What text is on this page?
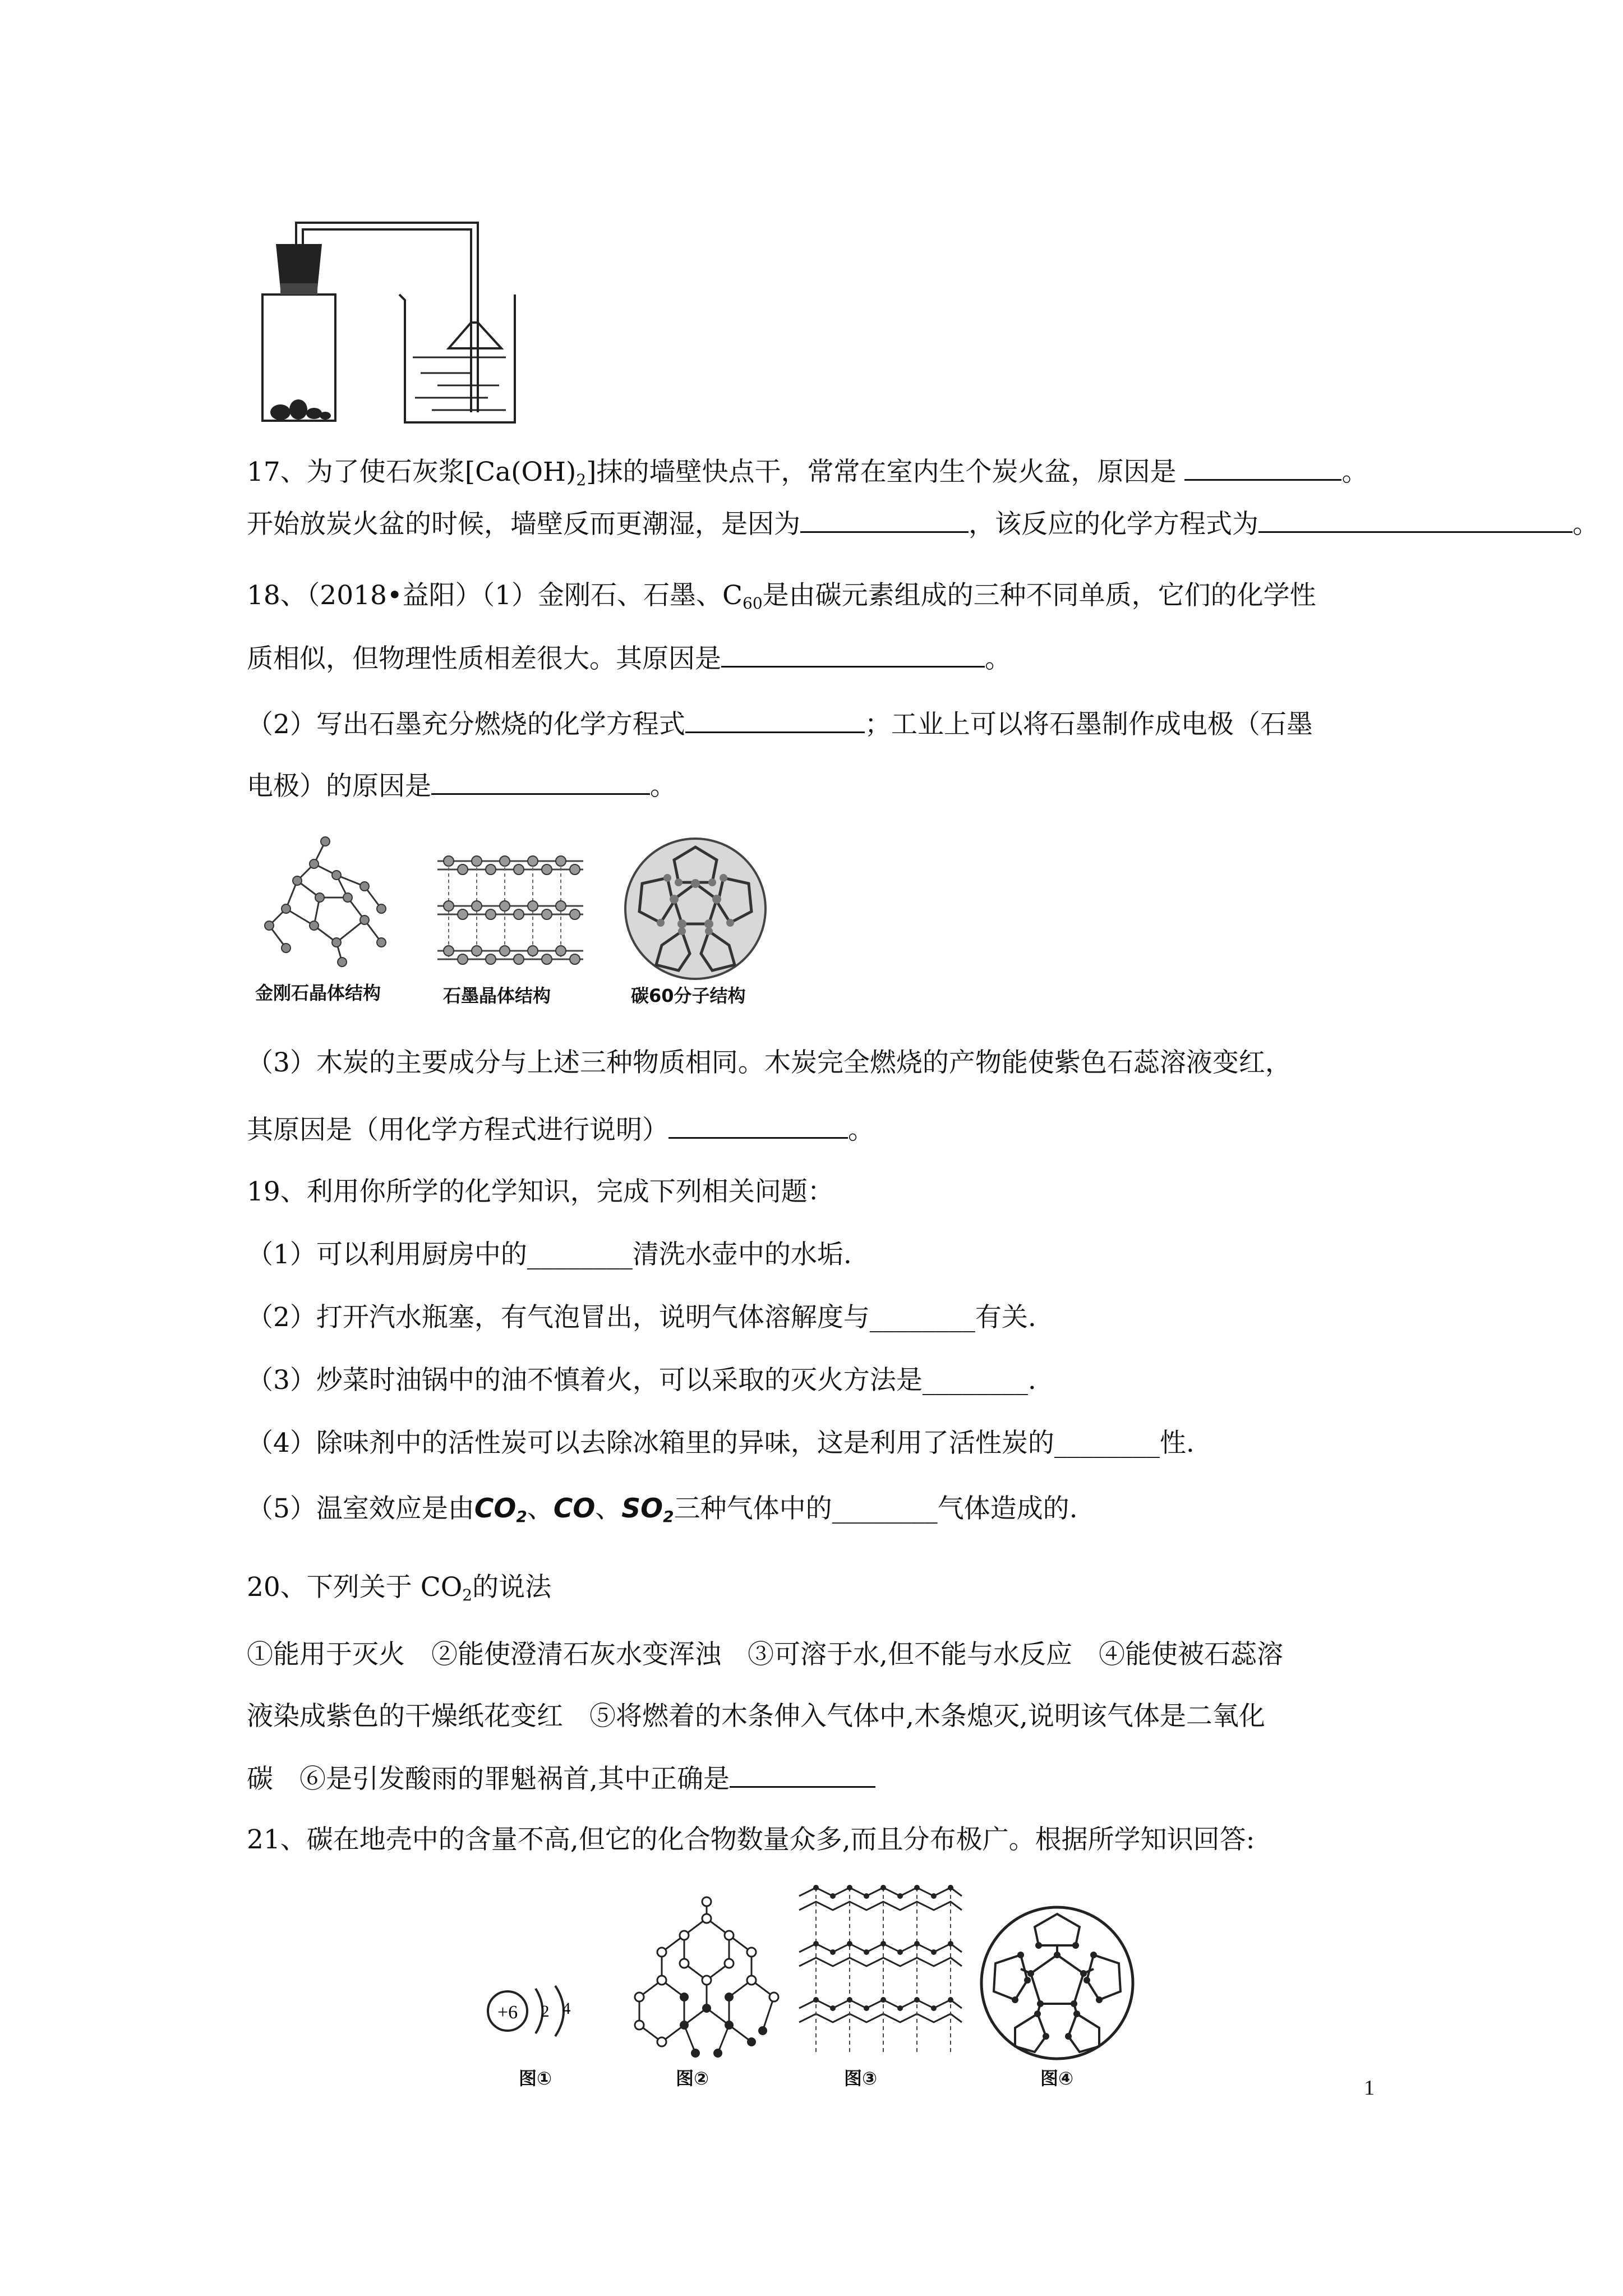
17、为了使石灰浆$[Ca(OH)_2]$抹的墙壁快点干，常常在室内生个炭火盆，原因是	。
开始放炭火盆的时候，墙壁反而更潮湿，是因为	，该反应的化学方程式为	。
18、（2018•益阳）（1）金刚石、石墨、$C_{60}$是由碳元素组成的三种不同单质，它们的化学性
质相似，但物理性质相差很大。其原因是	。
（2）写出石墨充分燃烧的化学方程式	；工业上可以将石墨制作成电极（石墨
电极）的原因是	。
金刚石晶体结构	石墨晶体结构	碳60分子结构
（3）木炭的主要成分与上述三种物质相同。木炭完全燃烧的产物能使紫色石蕊溶液变红，
其原因是（用化学方程式进行说明）	。
19、利用你所学的化学知识，完成下列相关问题：
（1）可以利用厨房中的________清洗水壶中的水垢.
（2）打开汽水瓶塞，有气泡冒出，说明气体溶解度与________有关.
（3）炒菜时油锅中的油不慎着火，可以采取的灭火方法是________.
（4）除味剂中的活性炭可以去除冰箱里的异味，这是利用了活性炭的________性.
（5）温室效应是由$CO_2$、CO、$SO_2$三种气体中的________气体造成的.
20、下列关于 $CO_2$的说法
①能用于灭火　②能使澄清石灰水变浑浊　③可溶于水,但不能与水反应　④能使被石蕊溶
液染成紫色的干燥纸花变红　⑤将燃着的木条伸入气体中,木条熄灭,说明该气体是二氧化
碳　⑥是引发酸雨的罪魁祸首,其中正确是
21、碳在地壳中的含量不高,但它的化合物数量众多,而且分布极广。根据所学知识回答:
+6 2 4
图①	图②	图③	图④	1
